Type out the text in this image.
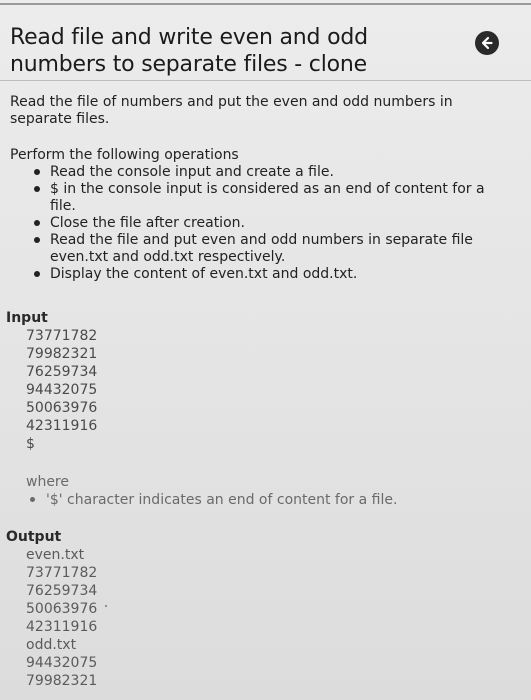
Read file and write even and odd numbers to separate files - clone
Read the file of numbers and put the even and odd numbers in separate files.
Perform the following operations
Read the console input and create a file.
$ in the console input is considered as an end of content for a file.
Close the file after creation.
Read the file and put even and odd numbers in separate file even.txt and odd.txt respectively.
Display the content of even.txt and odd.txt.
Input
73771782
79982321
76259734
94432075
50063976
42311916
$
where
'$' character indicates an end of content for a file.
Output
even.txt
73771782
76259734
50063976
42311916
odd.txt
94432075
79982321
